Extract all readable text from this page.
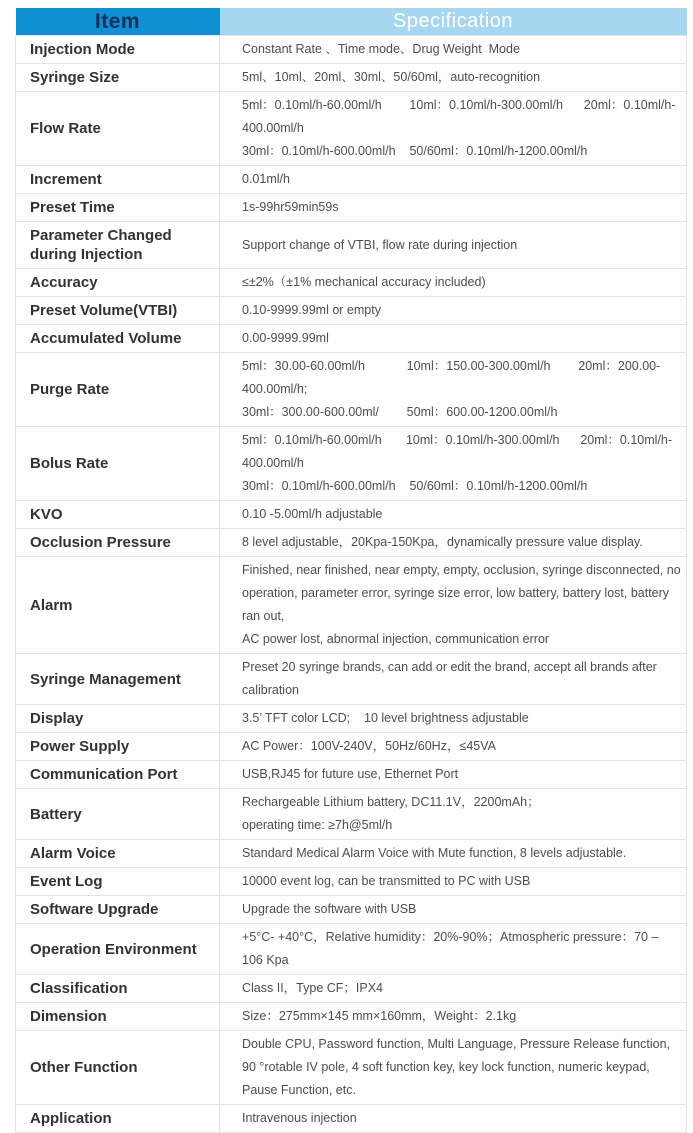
Item	Specification
Injection Mode	Constant Rate 、Time mode、Drug Weight  Mode

Syringe Size	5ml、10ml、20ml、30ml、50/60ml，auto-recognition

Flow Rate	5ml：0.10ml/h-60.00ml/h        10ml：0.10ml/h-300.00ml/h      20ml：0.10ml/h-400.00ml/h
30ml：0.10ml/h-600.00ml/h    50/60ml：0.10ml/h-1200.00ml/h

Increment	0.01ml/h

Preset Time	1s-99hr59min59s

Parameter Changed during Injection	Support change of VTBI, flow rate during injection

Accuracy	≤±2%（±1% mechanical accuracy included)

Preset Volume(VTBI)	0.10-9999.99ml or empty

Accumulated Volume	0.00-9999.99ml

Purge Rate	5ml：30.00-60.00ml/h            10ml：150.00-300.00ml/h        20ml：200.00-400.00ml/h;
30ml：300.00-600.00ml/        50ml：600.00-1200.00ml/h

Bolus Rate	5ml：0.10ml/h-60.00ml/h       10ml：0.10ml/h-300.00ml/h      20ml：0.10ml/h-400.00ml/h
30ml：0.10ml/h-600.00ml/h    50/60ml：0.10ml/h-1200.00ml/h

KVO	0.10 -5.00ml/h adjustable

Occlusion Pressure	8 level adjustable，20Kpa-150Kpa，dynamically pressure value display.

Alarm	Finished, near finished, near empty, empty, occlusion, syringe disconnected, no
operation, parameter error, syringe size error, low battery, battery lost, battery ran out,
AC power lost, abnormal injection, communication error

Syringe Management	Preset 20 syringe brands, can add or edit the brand, accept all brands after calibration

Display	3.5’ TFT color LCD;    10 level brightness adjustable

Power Supply	AC Power：100V-240V，50Hz/60Hz，≤45VA

Communication Port	USB,RJ45 for future use, Ethernet Port

Battery	Rechargeable Lithium battery, DC11.1V，2200mAh；
operating time: ≥7h@5ml/h

Alarm Voice	Standard Medical Alarm Voice with Mute function, 8 levels adjustable.

Event Log	10000 event log, can be transmitted to PC with USB

Software Upgrade	Upgrade the software with USB

Operation Environment	+5°C- +40°C，Relative humidity：20%-90%；Atmospheric pressure：70 – 106 Kpa

Classification	Class II，Type CF；IPX4

Dimension	Size：275mm×145 mm×160mm，Weight：2.1kg

Other Function	Double CPU, Password function, Multi Language, Pressure Release function,
90 °rotable IV pole, 4 soft function key, key lock function, numeric keypad, Pause Function, etc.

Application	Intravenous injection
